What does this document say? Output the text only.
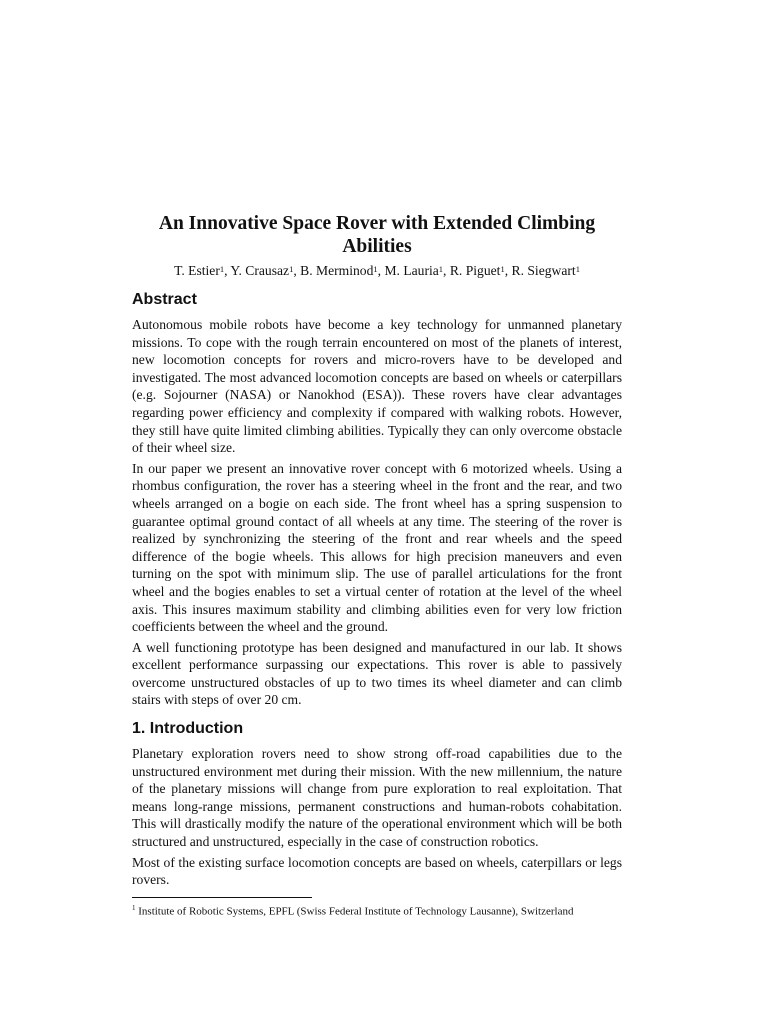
An Innovative Space Rover with Extended Climbing
Abilities
T. Estier$^1$, Y. Crausaz$^1$, B. Merminod$^1$, M. Lauria$^1$, R. Piguet$^1$, R. Siegwart$^1$
Abstract

Autonomous mobile robots have become a key technology for unmanned planetary missions. To cope with the rough terrain encountered on most of the planets of interest, new locomotion concepts for rovers and micro-rovers have to be developed and investigated. The most advanced locomotion concepts are based on wheels or caterpillars (e.g. Sojourner (NASA) or Nanokhod (ESA)). These rovers have clear advantages regarding power efficiency and complexity if compared with walking robots. However, they still have quite limited climbing abilities. Typically they can only overcome obstacle of their wheel size.

In our paper we present an innovative rover concept with 6 motorized wheels. Using a rhombus configuration, the rover has a steering wheel in the front and the rear, and two wheels arranged on a bogie on each side. The front wheel has a spring suspension to guarantee optimal ground contact of all wheels at any time. The steering of the rover is realized by synchronizing the steering of the front and rear wheels and the speed difference of the bogie wheels. This allows for high precision maneuvers and even turning on the spot with minimum slip. The use of parallel articulations for the front wheel and the bogies enables to set a virtual center of rotation at the level of the wheel axis. This insures maximum stability and climbing abilities even for very low friction coefficients between the wheel and the ground.

A well functioning prototype has been designed and manufactured in our lab. It shows excellent performance surpassing our expectations. This rover is able to passively overcome unstructured obstacles of up to two times its wheel diameter and can climb stairs with steps of over 20 cm.

1. Introduction

Planetary exploration rovers need to show strong off-road capabilities due to the unstructured environment met during their mission. With the new millennium, the nature of the planetary missions will change from pure exploration to real exploitation. That means long-range missions, permanent constructions and human-robots cohabitation. This will drastically modify the nature of the operational environment which will be both structured and unstructured, especially in the case of construction robotics.

Most of the existing surface locomotion concepts are based on wheels, caterpillars or legs rovers.

$^1$ Institute of Robotic Systems, EPFL (Swiss Federal Institute of Technology Lausanne), Switzerland
